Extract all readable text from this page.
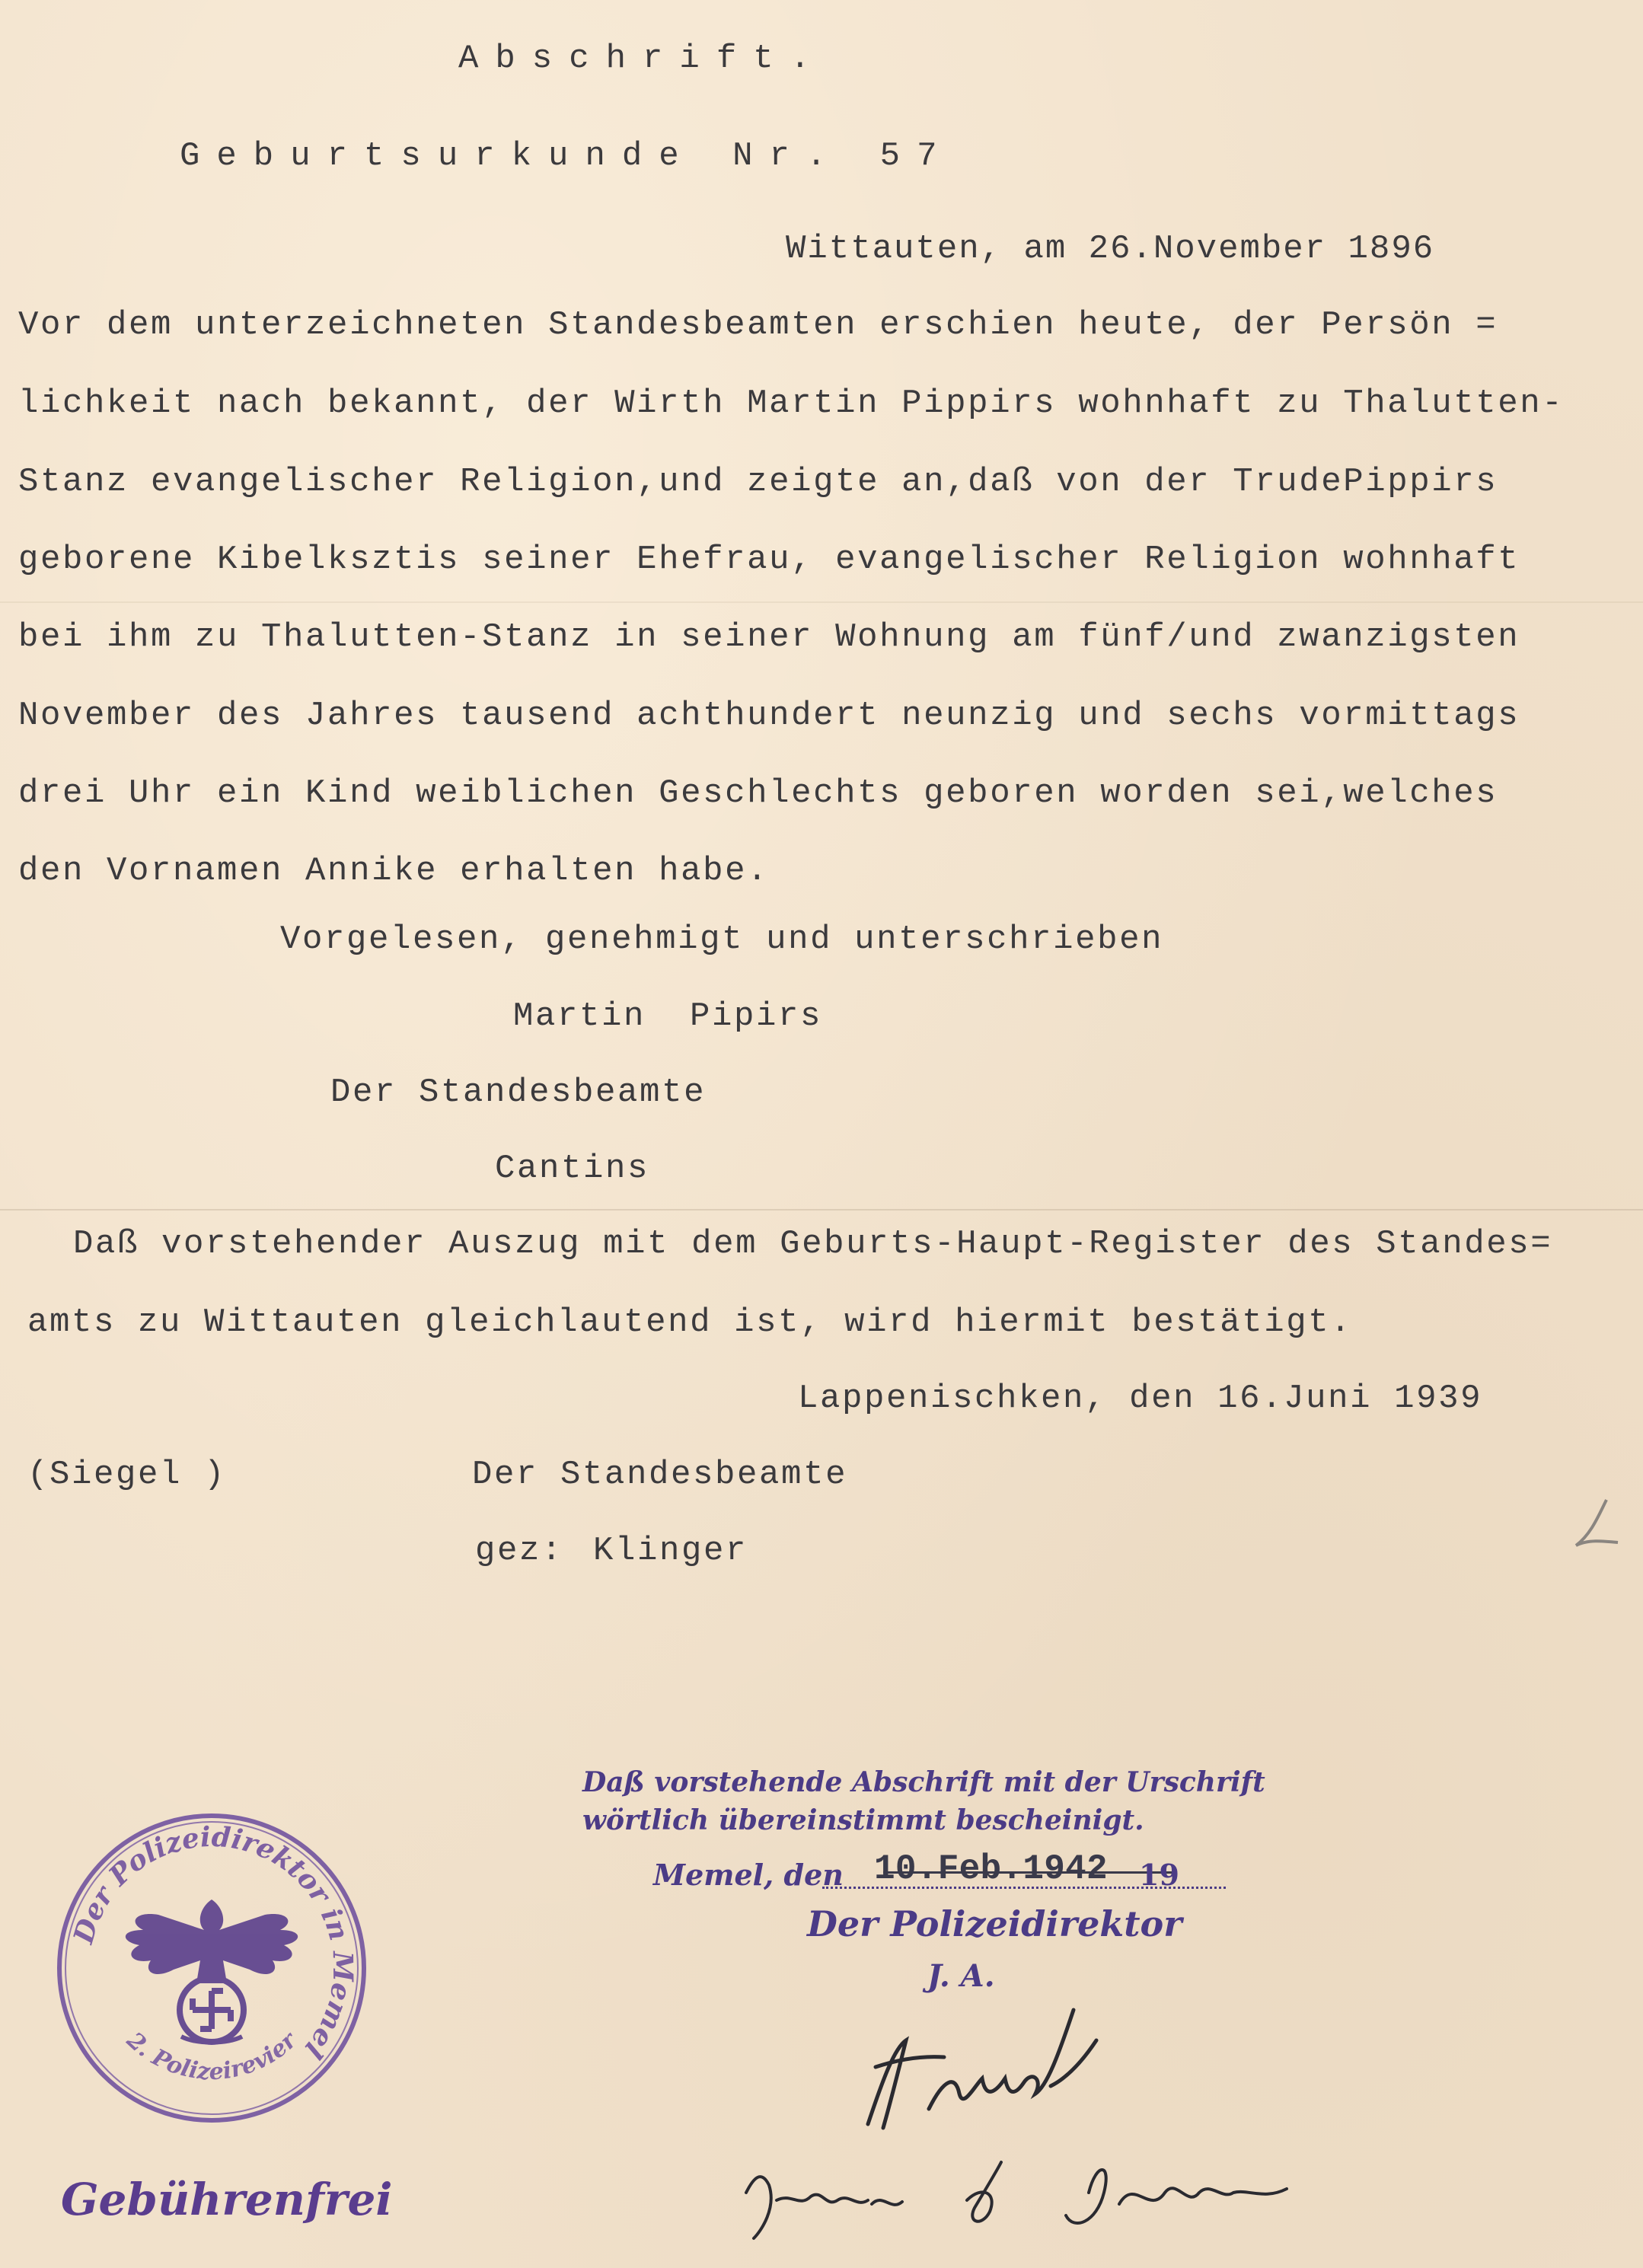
Abschrift.
Geburtsurkunde Nr. 57
Wittauten, am 26.November 1896
Vor dem unterzeichneten Standesbeamten erschien heute, der Persön =
lichkeit nach bekannt, der Wirth Martin Pippirs wohnhaft zu Thalutten-
Stanz evangelischer Religion,und zeigte an,daß von der TrudePippirs
geborene Kibelksztis seiner Ehefrau, evangelischer Religion wohnhaft
bei ihm zu Thalutten-Stanz in seiner Wohnung am fünf/und zwanzigsten
November des Jahres tausend achthundert neunzig und sechs vormittags
drei Uhr ein Kind weiblichen Geschlechts geboren worden sei,welches
den Vornamen Annike erhalten habe.
Vorgelesen, genehmigt und unterschrieben
Martin  Pipirs
Der Standesbeamte
Cantins
Daß vorstehender Auszug mit dem Geburts-Haupt-Register des Standes=
amts zu Wittauten gleichlautend ist, wird hiermit bestätigt.
Lappenischken, den 16.Juni 1939
(Siegel )	Der Standesbeamte
gez: Klinger
Daß vorstehende Abschrift mit der Urschrift
wörtlich übereinstimmt bescheinigt.
Memel, den 10.Feb.1942 19
Der Polizeidirektor
J. A.
Der Polizeidirektor in Memel
2. Polizeirevier
Gebührenfrei
